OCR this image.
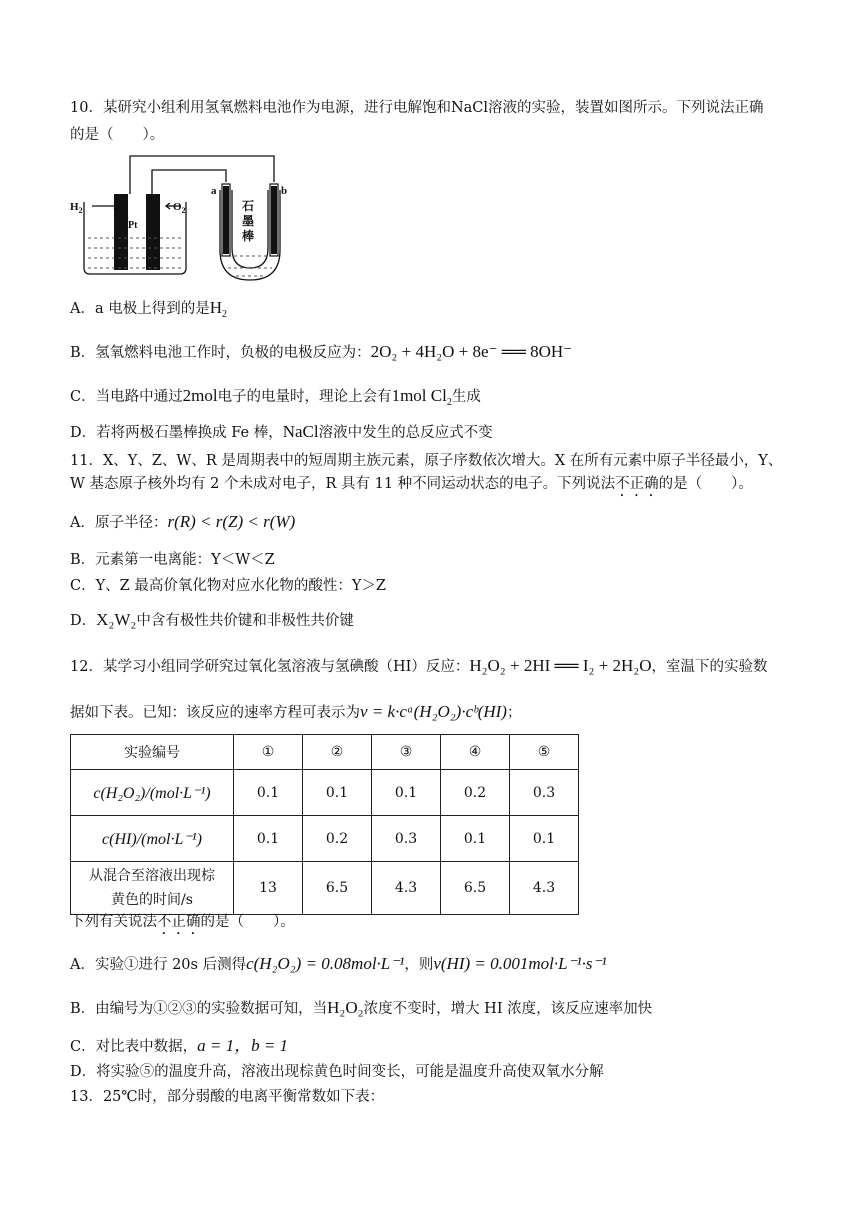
10．某研究小组利用氢氧燃料电池作为电源，进行电解饱和NaCl溶液的实验，装置如图所示。下列说法正确
的是（　　）。
$H_2$	$O_2$
Pt
a	b
石
墨
棒
A．a 电极上得到的是$H_2$
B．氢氧燃料电池工作时，负极的电极反应为：2O₂ + 4H₂O + 8e⁻ ══ 8OH⁻
C．当电路中通过2mol电子的电量时，理论上会有1mol $Cl_2$生成
D．若将两极石墨棒换成 Fe 棒，NaCl溶液中发生的总反应式不变
11．X、Y、Z、W、R 是周期表中的短周期主族元素，原子序数依次增大。X 在所有元素中原子半径最小，Y、
W 基态原子核外均有 2 个未成对电子，R 具有 11 种不同运动状态的电子。下列说法不正确的是（　　）。
A．原子半径：r(R) < r(Z) < r(W)
B．元素第一电离能：Y＜W＜Z
C．Y、Z 最高价氧化物对应水化物的酸性：Y＞Z
D．X₂W₂中含有极性共价键和非极性共价键
12．某学习小组同学研究过氧化氢溶液与氢碘酸（HI）反应：H₂O₂ + 2HI ══ I₂ + 2H₂O，室温下的实验数
据如下表。已知：该反应的速率方程可表示为v = k·cᵃ(H₂O₂)·cᵇ(HI)；
实验编号	①	②	③	④	⑤
c(H₂O₂)/(mol·L⁻¹)	0.1	0.1	0.1	0.2	0.3
c(HI)/(mol·L⁻¹)	0.1	0.2	0.3	0.1	0.1

从混合至溶液出现棕
黄色的时间/s	13	6.5	4.3	6.5	4.3
下列有关说法不正确的是（　　）。
A．实验①进行 20s 后测得c(H₂O₂) = 0.08mol·L⁻¹，则v(HI) = 0.001mol·L⁻¹·s⁻¹
B．由编号为①②③的实验数据可知，当H₂O₂浓度不变时，增大 HI 浓度，该反应速率加快
C．对比表中数据，a = 1，b = 1
D．将实验⑤的温度升高，溶液出现棕黄色时间变长，可能是温度升高使双氧水分解
13．25℃时，部分弱酸的电离平衡常数如下表：
